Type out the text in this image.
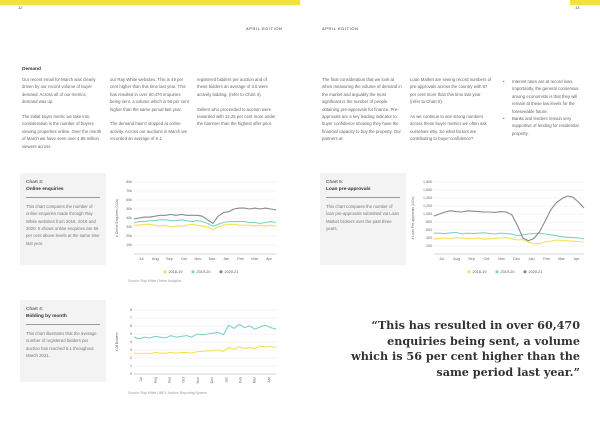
12
APRIL EDITION
Demand

Our recent email for March was clearly driven by our record volume of buyer demand. Across all of our metrics, demand was up.

The initial buyer metric we take into consideration is the number of buyers viewing properties online. Over the month of March we have seen over 4.85 million viewers across

our Ray White websites. This is 49 per cent higher than this time last year. This has resulted in over 60,470 enquiries being sent, a volume which is 56 per cent higher than the same period last year.

The demand hasn't stopped at online activity. Across our auctions in March we recorded an average of 6.1

registered bidders per auction and of these bidders an average of 3.5 were actively bidding, (refer to Chart 4).

Sellers who proceeded to auction were rewarded with 12.25 per cent more under the hammer than the highest offer prior.

Chart 3:
Online enquiries
This chart compares the number of online enquiries made through Ray White websites from 2018, 2019 and 2020. It shows online enquiries are 56 per cent above levels at the same time last year.	10k
20k
30k
40k
50k
60k
70k
80k
# Online Enquiries (000s)
Jul Aug Sep Oct Nov Dec Jan Feb Mar Apr
2018-19	2019-20	2020-21
Source: Ray White Online Analytics
Chart 4:
Bidding by month
This chart illustrates that the average number of registered bidders per auction has reached 6.1 throughout March 2021.
0
1
2
3
4
5
6
7
8
# Of Bidders
Jul	Aug	Sep	Oct	Nov	Dec	Jan	Feb	Mar	Apr
Source: Ray White LIBEY Auction Reporting System
13
APRIL EDITION

The final consideration that we look at when measuring the volume of demand in the market and arguably the most significant is the number of people obtaining pre-approvals for finance. Pre-approvals are a key leading indicator to buyer confidence showing they have the financial capacity to buy the property. Our partners at

Loan Market are seeing record numbers of pre-approvals across the country with 87 per cent more than this time last year (refer to Chart 5).

As we continue to see strong numbers across these buyer metrics we often ask ourselves why. So what factors are contributing to buyer confidence?

• Interest rates are at record lows. Importantly, the general consensus among economists is that they will remain at these low levels for the foreseeable future.
• Banks and lenders remain very supportive of lending for residential property.
Chart 5:
Loan pre-approvals
This chart compares the number of loan pre-approvals submitted via Loan Market brokers over the past three years.
200
400
600
800
1,000
1,200
1,400
1,600
1,800
# Loan Pre-approvals (000s)
Jul Aug Sep Oct Nov Dec Jan Feb Mar Apr
2018-19	2019-20	2020-21
“This has resulted in over 60,470 enquiries being sent, a volume which is 56 per cent higher than the same period last year.”
